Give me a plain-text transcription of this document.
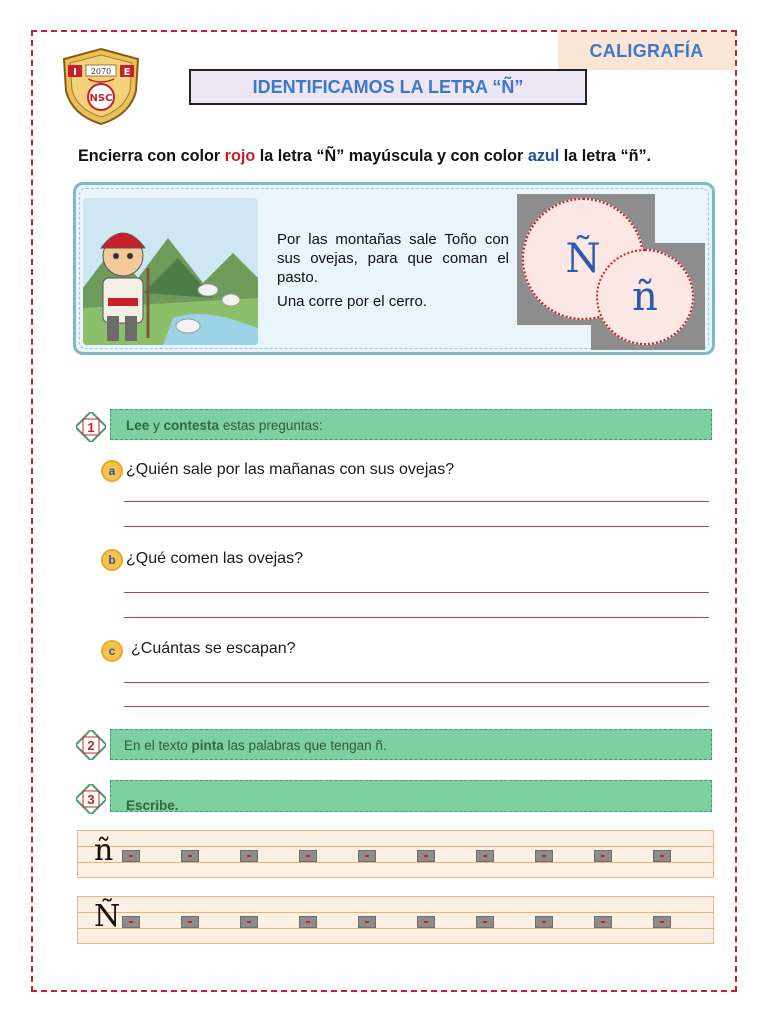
CALIGRAFÍA
I	E
2070
NSC
IDENTIFICAMOS LA LETRA “Ñ”
Encierra con color rojo la letra “Ñ” mayúscula y con color azul la letra “ñ”.

Por las montañas sale Toño con sus ovejas, para que coman el pasto.

Una corre por el cerro.

Ñ
ñ
1	Lee y contesta estas preguntas:
a ¿Quién sale por las mañanas con sus ovejas?
b ¿Qué comen las ovejas?
c ¿Cuántas se escapan?
2	En el texto pinta las palabras que tengan ñ.
3	Escribe.
ñ
Ñ
